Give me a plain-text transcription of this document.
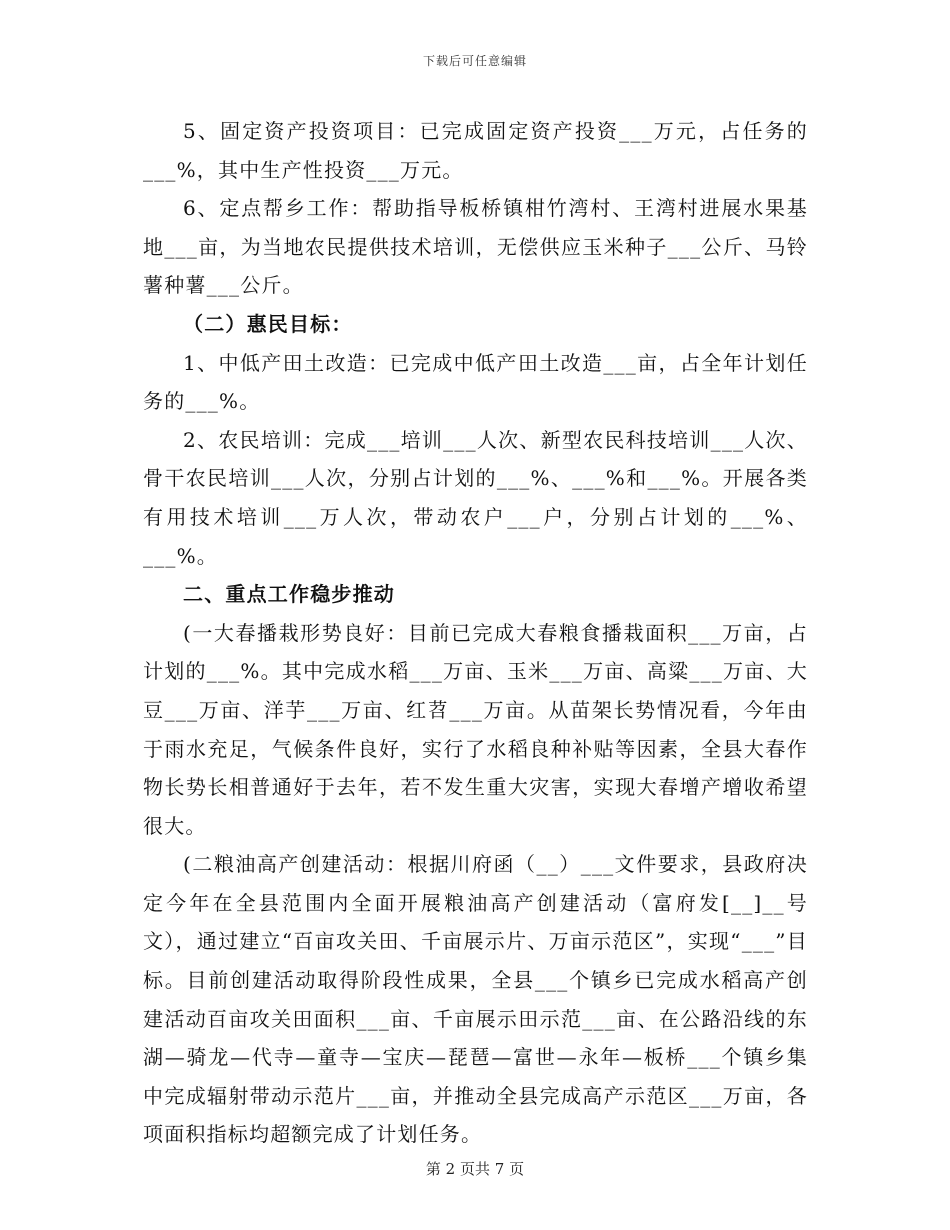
下载后可任意编辑

5、固定资产投资项目：已完成固定资产投资___万元，占任务的___%，其中生产性投资___万元。

6、定点帮乡工作：帮助指导板桥镇柑竹湾村、王湾村进展水果基地___亩，为当地农民提供技术培训，无偿供应玉米种子___公斤、马铃薯种薯___公斤。

（二）惠民目标：

1、中低产田土改造：已完成中低产田土改造___亩，占全年计划任务的___%。

2、农民培训：完成___培训___人次、新型农民科技培训___人次、骨干农民培训___人次，分别占计划的___%、___%和___%。开展各类有用技术培训___万人次，带动农户___户，分别占计划的___%、___%。

二、重点工作稳步推动

(一大春播栽形势良好：目前已完成大春粮食播栽面积___万亩，占计划的___%。其中完成水稻___万亩、玉米___万亩、高粱___万亩、大豆___万亩、洋芋___万亩、红苕___万亩。从苗架长势情况看，今年由于雨水充足，气候条件良好，实行了水稻良种补贴等因素，全县大春作物长势长相普通好于去年，若不发生重大灾害，实现大春增产增收希望很大。

(二粮油高产创建活动：根据川府函（__）___文件要求，县政府决定今年在全县范围内全面开展粮油高产创建活动（富府发[__]__号文），通过建立“百亩攻关田、千亩展示片、万亩示范区”，实现“___”目标。目前创建活动取得阶段性成果，全县___个镇乡已完成水稻高产创建活动百亩攻关田面积___亩、千亩展示田示范___亩、在公路沿线的东湖—骑龙—代寺—童寺—宝庆—琵琶—富世—永年—板桥___个镇乡集中完成辐射带动示范片___亩，并推动全县完成高产示范区___万亩，各项面积指标均超额完成了计划任务。

第 2 页共 7 页
